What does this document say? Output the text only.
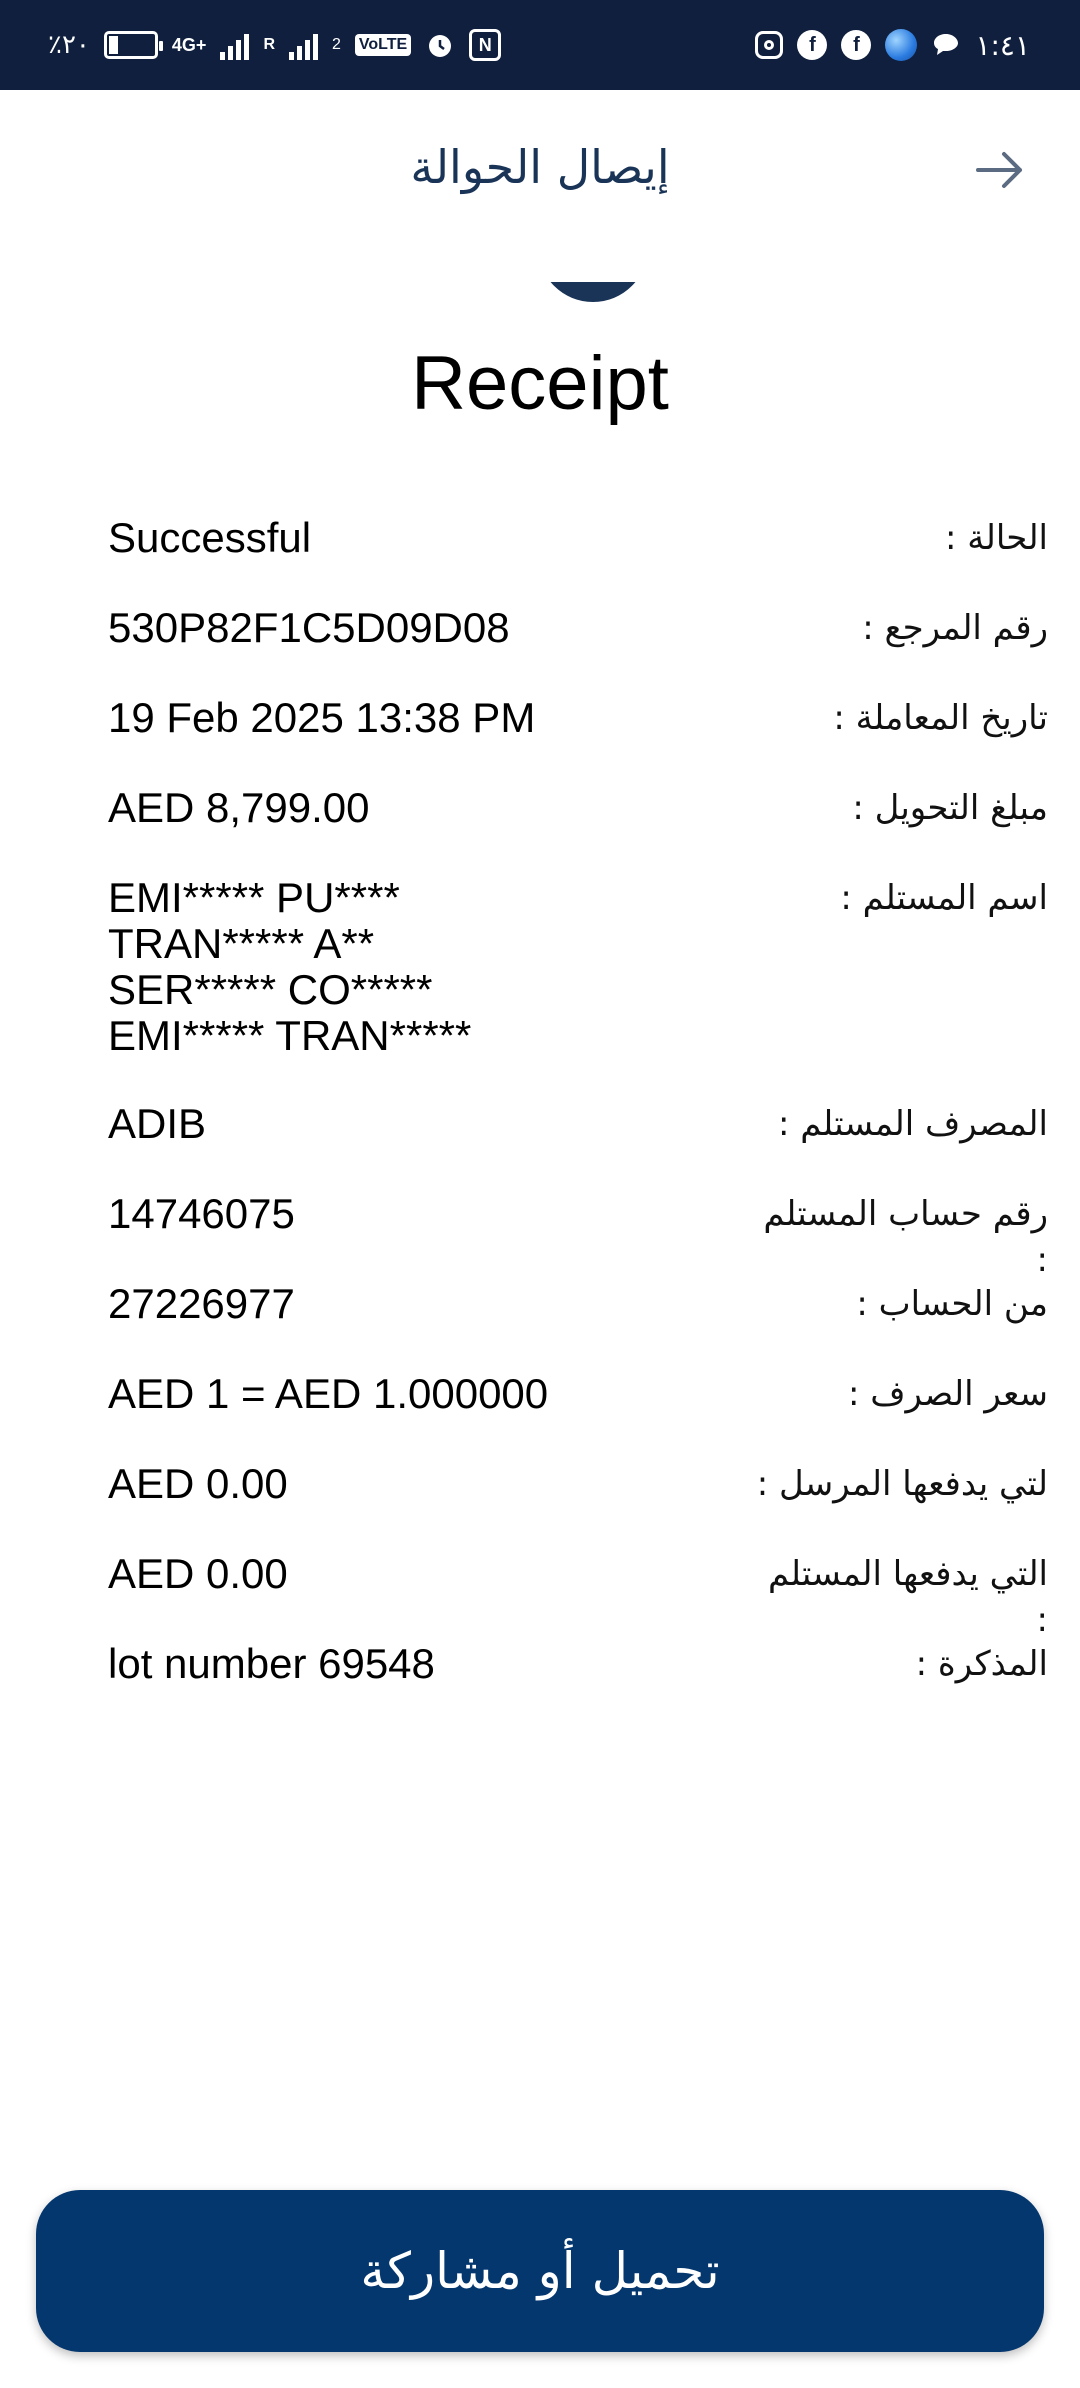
١:٤١
f
f
٪٢٠	4G+	R	2 VoLTE	N
إيصال الحوالة
Receipt
Successful	الحالة :
530P82F1C5D09D08	رقم المرجع :
19 Feb 2025 13:38 PM	تاريخ المعاملة :
AED 8,799.00	مبلغ التحويل :
EMI***** PU****
TRAN***** A**
SER***** CO*****
EMI***** TRAN*****
اسم المستلم :
ADIB	المصرف المستلم :
14746075	رقم حساب المستلم :
27226977	من الحساب :
AED 1 = AED 1.000000	سعر الصرف :
AED 0.00	لتي يدفعها المرسل :
AED 0.00	التي يدفعها المستلم :
lot number 69548	المذكرة :
تحميل أو مشاركة
